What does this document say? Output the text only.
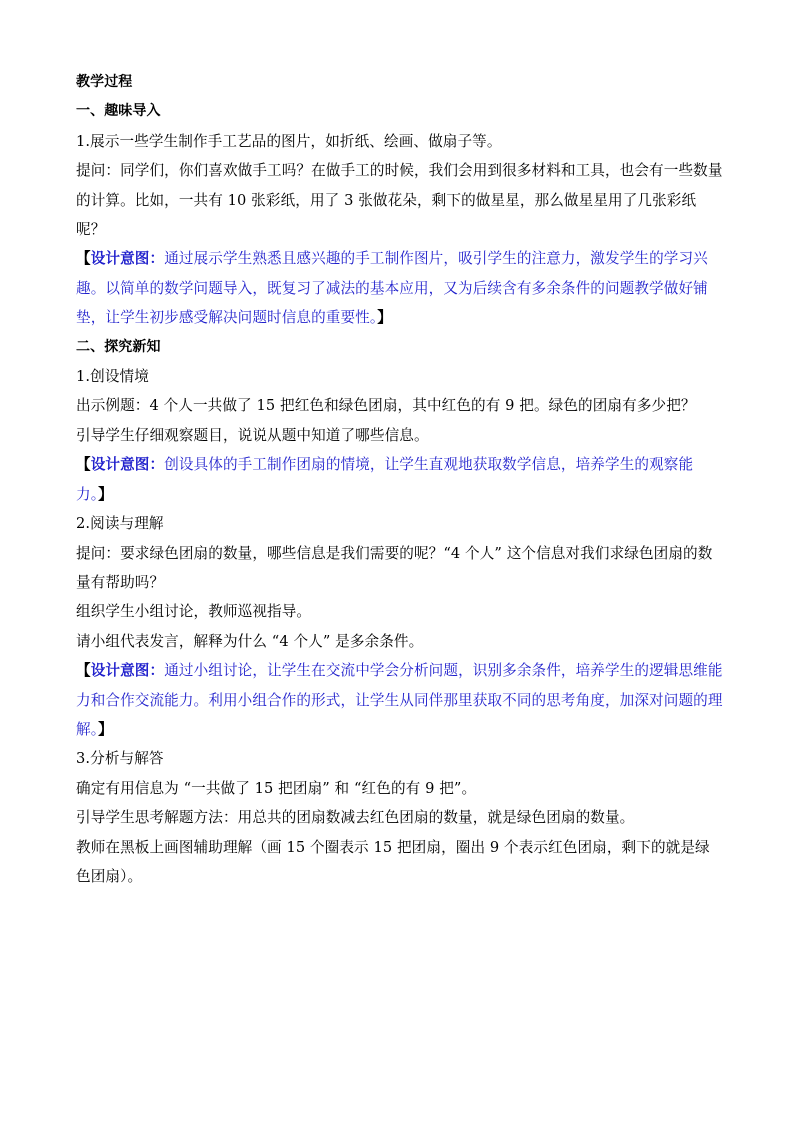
教学过程

一、趣味导入

1.展示一些学生制作手工艺品的图片，如折纸、绘画、做扇子等。

提问：同学们，你们喜欢做手工吗？在做手工的时候，我们会用到很多材料和工具，也会有一些数量的计算。比如，一共有 10 张彩纸，用了 3 张做花朵，剩下的做星星，那么做星星用了几张彩纸呢？

【设计意图：通过展示学生熟悉且感兴趣的手工制作图片，吸引学生的注意力，激发学生的学习兴趣。以简单的数学问题导入，既复习了减法的基本应用，又为后续含有多余条件的问题教学做好铺垫，让学生初步感受解决问题时信息的重要性。】

二、探究新知

1.创设情境

出示例题：4 个人一共做了 15 把红色和绿色团扇，其中红色的有 9 把。绿色的团扇有多少把？

引导学生仔细观察题目，说说从题中知道了哪些信息。

【设计意图：创设具体的手工制作团扇的情境，让学生直观地获取数学信息，培养学生的观察能力。】

2.阅读与理解

提问：要求绿色团扇的数量，哪些信息是我们需要的呢？“4 个人” 这个信息对我们求绿色团扇的数量有帮助吗？

组织学生小组讨论，教师巡视指导。

请小组代表发言，解释为什么 “4 个人” 是多余条件。

【设计意图：通过小组讨论，让学生在交流中学会分析问题，识别多余条件，培养学生的逻辑思维能力和合作交流能力。利用小组合作的形式，让学生从同伴那里获取不同的思考角度，加深对问题的理解。】

3.分析与解答

确定有用信息为 “一共做了 15 把团扇” 和 “红色的有 9 把”。

引导学生思考解题方法：用总共的团扇数减去红色团扇的数量，就是绿色团扇的数量。

教师在黑板上画图辅助理解（画 15 个圈表示 15 把团扇，圈出 9 个表示红色团扇，剩下的就是绿色团扇）。
